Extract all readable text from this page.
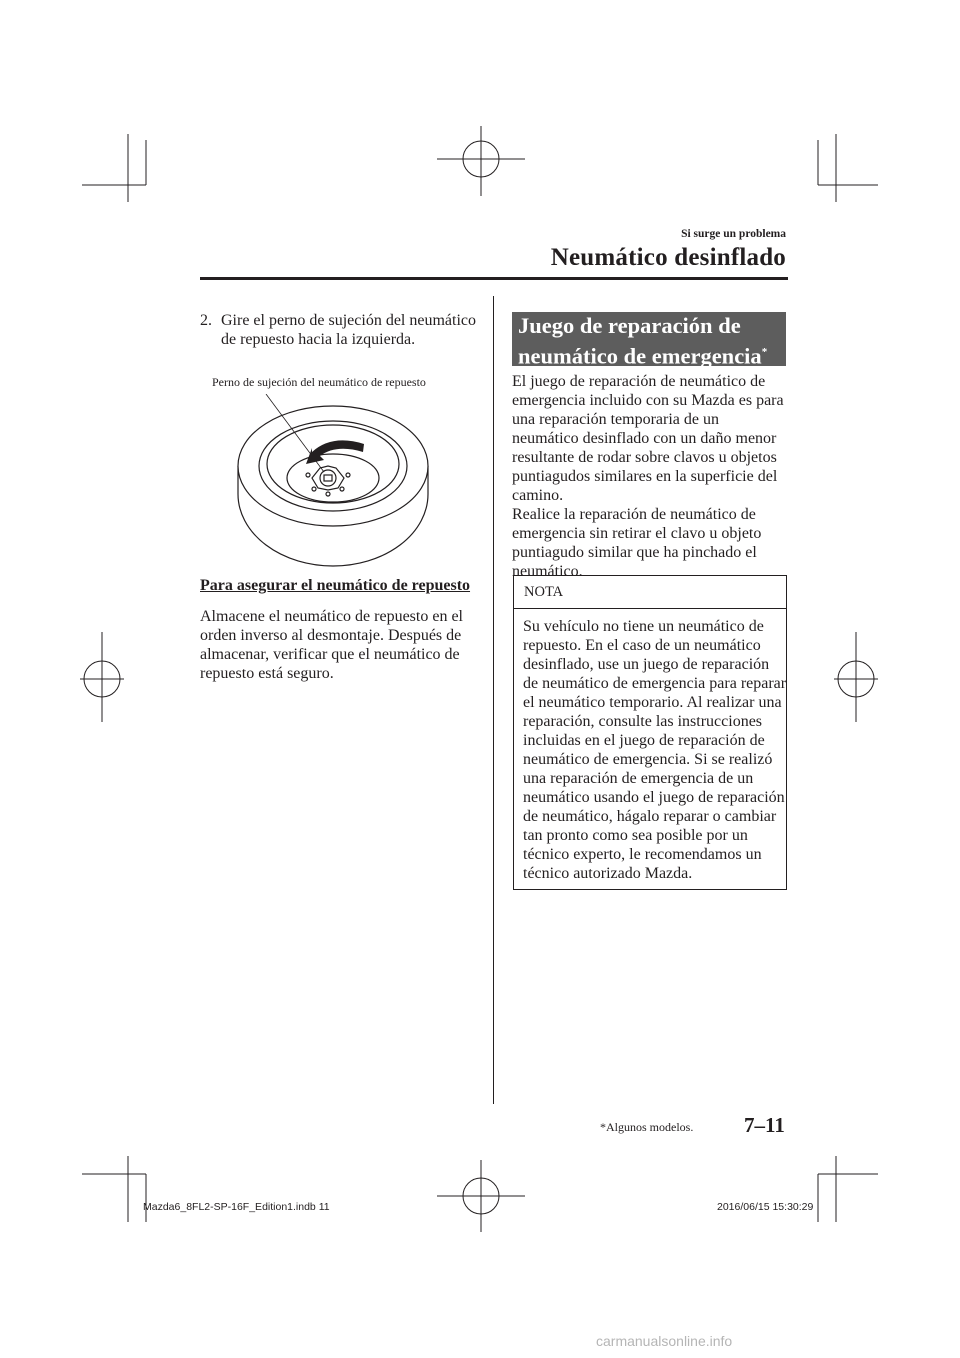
Si surge un problema
Neumático desinflado
2. Gire el perno de sujeción del neumático de repuesto hacia la izquierda.
Perno de sujeción del neumático de repuesto
Para asegurar el neumático de repuesto
Almacene el neumático de repuesto en el orden inverso al desmontaje. Después de almacenar, verificar que el neumático de repuesto está seguro.
Juego de reparación de
neumático de emergencia*
El juego de reparación de neumático de emergencia incluido con su Mazda es para una reparación temporaria de un neumático desinflado con un daño menor resultante de rodar sobre clavos u objetos puntiagudos similares en la superficie del camino.
Realice la reparación de neumático de emergencia sin retirar el clavo u objeto puntiagudo similar que ha pinchado el neumático.
NOTA
Su vehículo no tiene un neumático de repuesto. En el caso de un neumático desinflado, use un juego de reparación de neumático de emergencia para reparar el neumático temporario. Al realizar una reparación, consulte las instrucciones incluidas en el juego de reparación de neumático de emergencia. Si se realizó una reparación de emergencia de un neumático usando el juego de reparación de neumático, hágalo reparar o cambiar tan pronto como sea posible por un técnico experto, le recomendamos un técnico autorizado Mazda.
*Algunos modelos. 7–11
Mazda6_8FL2-SP-16F_Edition1.indb 11	2016/06/15 15:30:29
carmanualsonline.info
